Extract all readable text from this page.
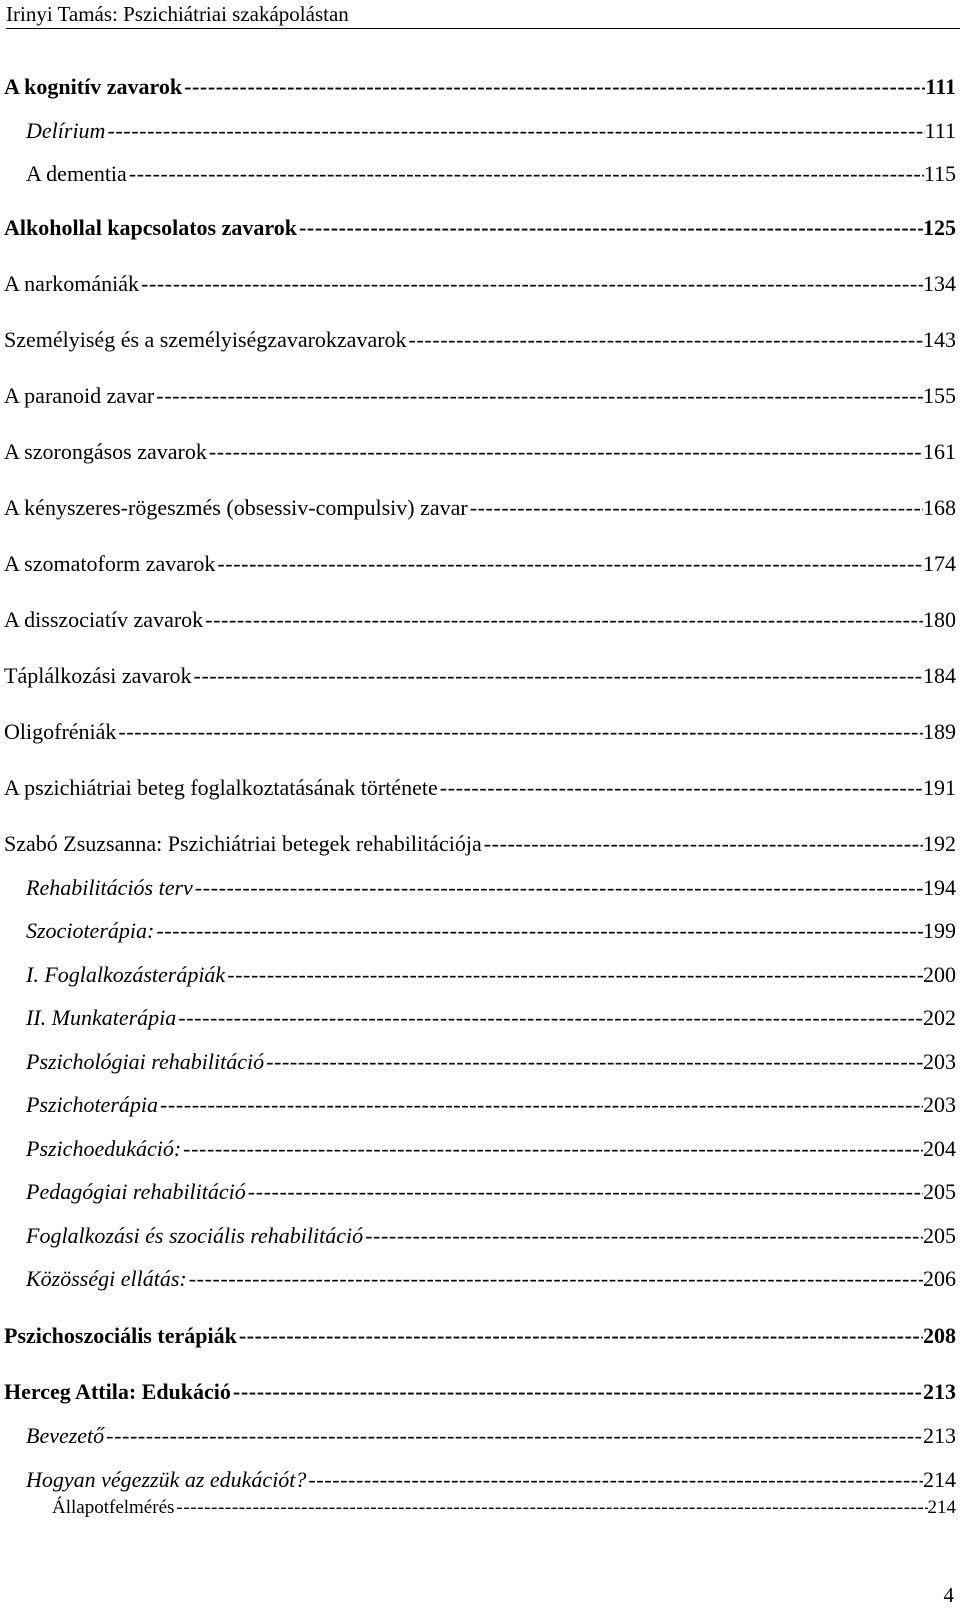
Irinyi Tamás: Pszichiátriai szakápolástan
A kognitív zavarok -----	111
Delírium -----	111
A dementia -----	115
Alkohollal kapcsolatos zavarok -----	125
A narkomániák -----	134
Személyiség és a személyiségzavarokzavarok -----	143
A paranoid zavar -----	155
A szorongásos zavarok -----	161
A kényszeres-rögeszmés (obsessiv-compulsiv) zavar -----	168
A szomatoform zavarok -----	174
A disszociatív zavarok -----	180
Táplálkozási zavarok -----	184
Oligofréniák -----	189
A pszichiátriai beteg foglalkoztatásának története -----	191
Szabó Zsuzsanna: Pszichiátriai betegek rehabilitációja -----	192
Rehabilitációs terv -----	194
Szocioterápia: -----	199
I. Foglalkozásterápiák -----	200
II. Munkaterápia -----	202
Pszichológiai rehabilitáció -----	203
Pszichoterápia -----	203
Pszichoedukáció: -----	204
Pedagógiai rehabilitáció -----	205
Foglalkozási és szociális rehabilitáció -----	205
Közösségi ellátás: -----	206
Pszichoszociális terápiák -----	208
Herceg Attila: Edukáció -----	213
Bevezető -----	213
Hogyan végezzük az edukációt? -----	214
Állapotfelmérés -----	214
4
